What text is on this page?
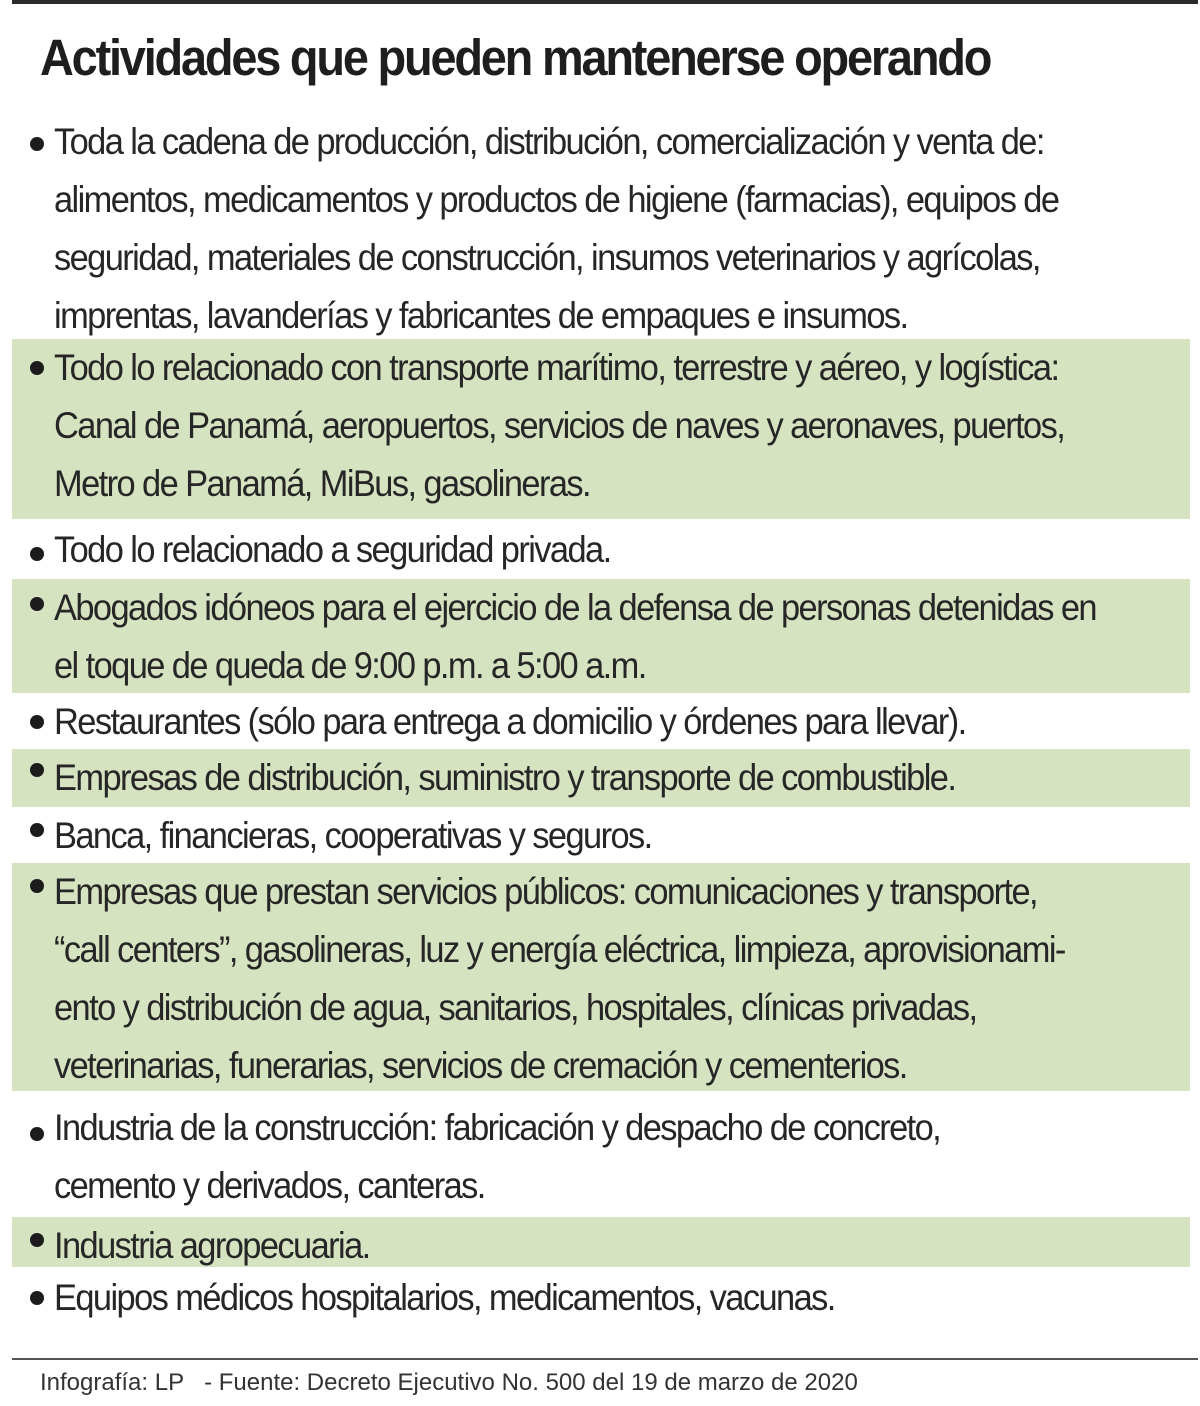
Actividades que pueden mantenerse operando
Toda la cadena de producción, distribución, comercialización y venta de:
alimentos, medicamentos y productos de higiene (farmacias), equipos de
seguridad, materiales de construcción, insumos veterinarios y agrícolas,
imprentas, lavanderías y fabricantes de empaques e insumos.
Todo lo relacionado con transporte marítimo, terrestre y aéreo, y logística:
Canal de Panamá, aeropuertos, servicios de naves y aeronaves, puertos,
Metro de Panamá, MiBus, gasolineras.
Todo lo relacionado a seguridad privada.
Abogados idóneos para el ejercicio de la defensa de personas detenidas en
el toque de queda de 9:00 p.m. a 5:00 a.m.
Restaurantes (sólo para entrega a domicilio y órdenes para llevar).
Empresas de distribución, suministro y transporte de combustible.
Banca, financieras, cooperativas y seguros.
Empresas que prestan servicios públicos: comunicaciones y transporte,
“call centers”, gasolineras, luz y energía eléctrica, limpieza, aprovisionami-
ento y distribución de agua, sanitarios, hospitales, clínicas privadas,
veterinarias, funerarias, servicios de cremación y cementerios.
Industria de la construcción: fabricación y despacho de concreto,
cemento y derivados, canteras.
Industria agropecuaria.
Equipos médicos hospitalarios, medicamentos, vacunas.
Infografía: LP - Fuente: Decreto Ejecutivo No. 500 del 19 de marzo de 2020
